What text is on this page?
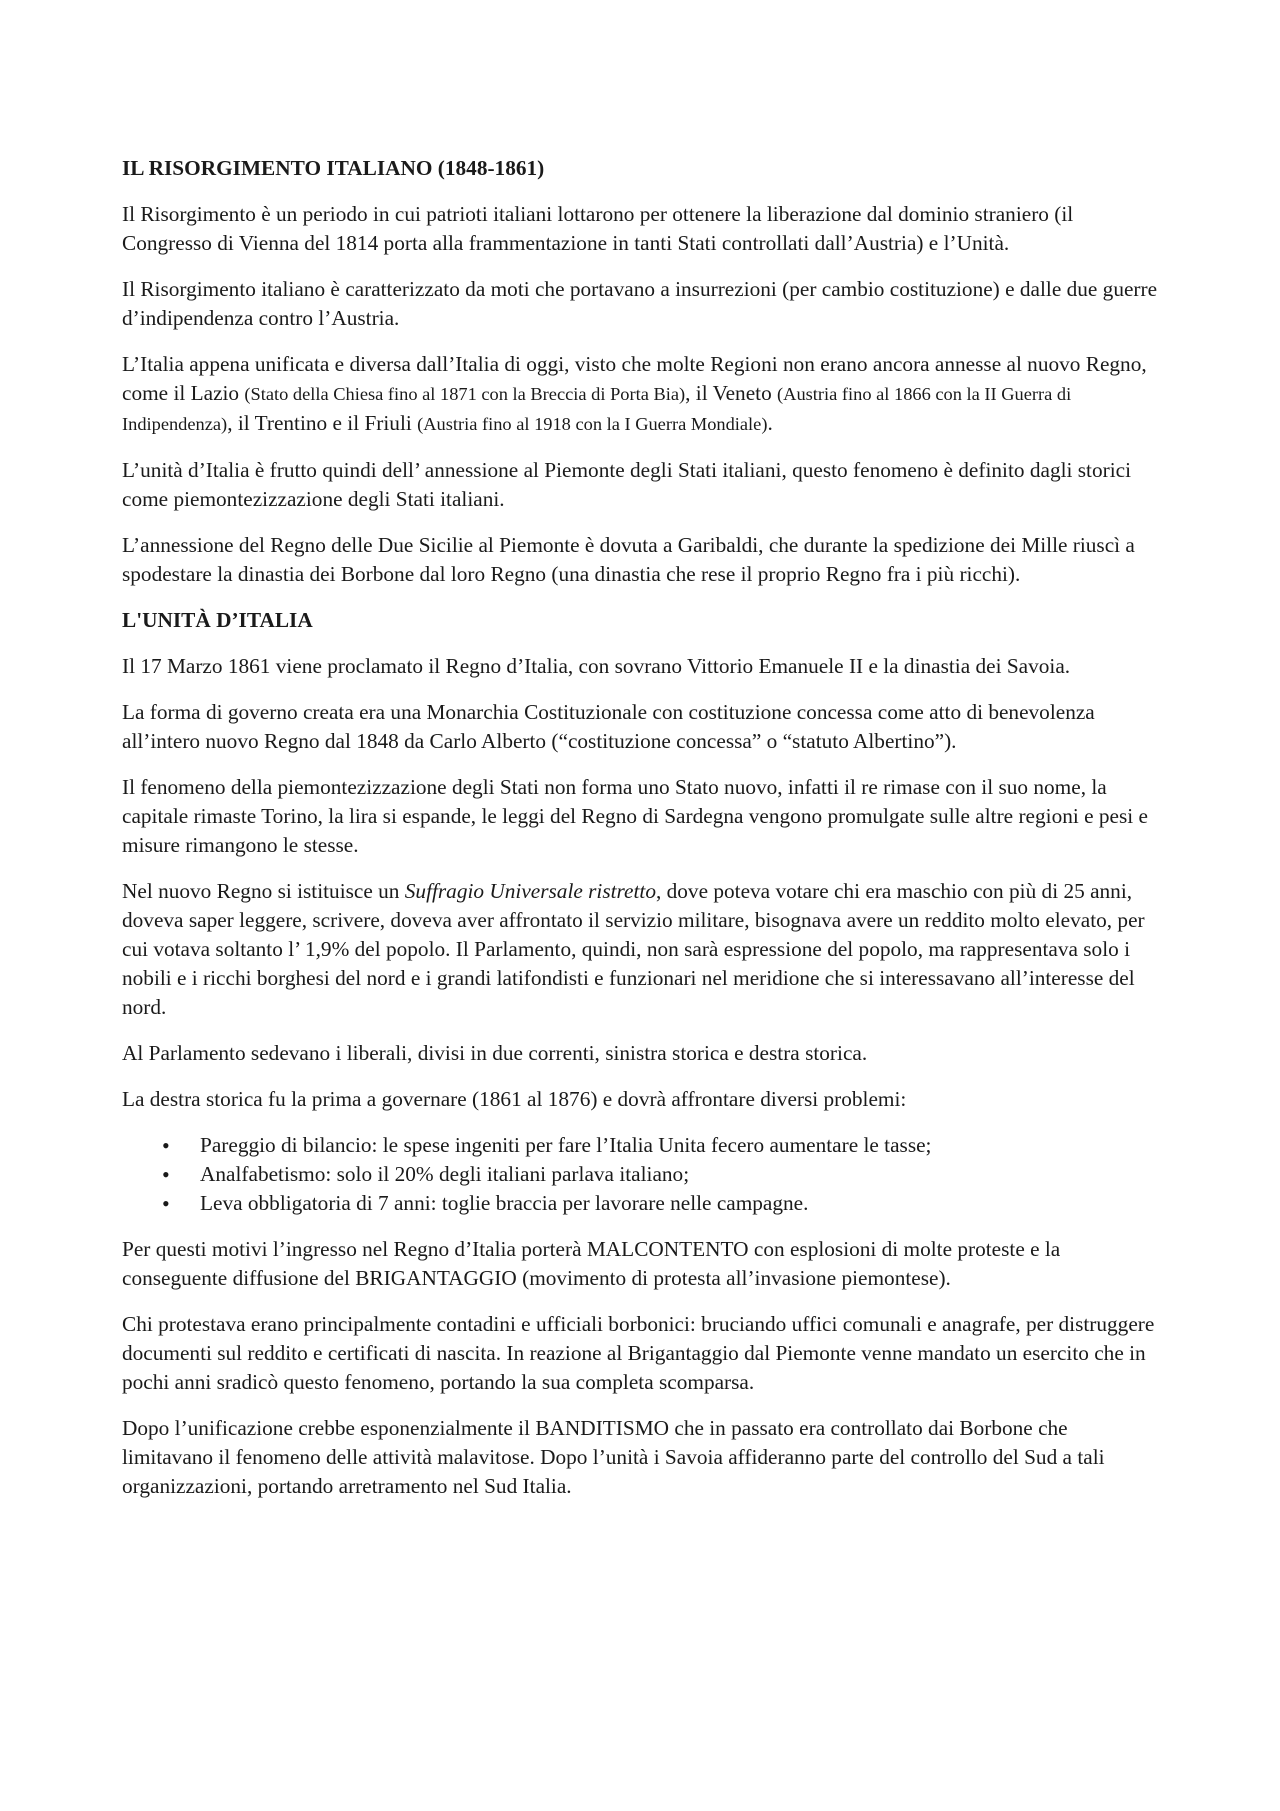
IL RISORGIMENTO ITALIANO (1848-1861)

Il Risorgimento è un periodo in cui patrioti italiani lottarono per ottenere la liberazione dal dominio straniero (il Congresso di Vienna del 1814 porta alla frammentazione in tanti Stati controllati dall’Austria) e l’Unità.

Il Risorgimento italiano è caratterizzato da moti che portavano a insurrezioni (per cambio costituzione) e dalle due guerre d’indipendenza contro l’Austria.

L’Italia appena unificata e diversa dall’Italia di oggi, visto che molte Regioni non erano ancora annesse al nuovo Regno, come il Lazio (Stato della Chiesa fino al 1871 con la Breccia di Porta Bia), il Veneto (Austria fino al 1866 con la II Guerra di Indipendenza), il Trentino e il Friuli (Austria fino al 1918 con la I Guerra Mondiale).

L’unità d’Italia è frutto quindi dell’ annessione al Piemonte degli Stati italiani, questo fenomeno è definito dagli storici come piemontezizzazione degli Stati italiani.

L’annessione del Regno delle Due Sicilie al Piemonte è dovuta a Garibaldi, che durante la spedizione dei Mille riuscì a spodestare la dinastia dei Borbone dal loro Regno (una dinastia che rese il proprio Regno fra i più ricchi).

L'UNITÀ D’ITALIA

Il 17 Marzo 1861 viene proclamato il Regno d’Italia, con sovrano Vittorio Emanuele II e la dinastia dei Savoia.

La forma di governo creata era una Monarchia Costituzionale con costituzione concessa come atto di benevolenza all’intero nuovo Regno dal 1848 da Carlo Alberto (“costituzione concessa” o “statuto Albertino”).

Il fenomeno della piemontezizzazione degli Stati non forma uno Stato nuovo, infatti il re rimase con il suo nome, la capitale rimaste Torino, la lira si espande, le leggi del Regno di Sardegna vengono promulgate sulle altre regioni e pesi e misure rimangono le stesse.

Nel nuovo Regno si istituisce un Suffragio Universale ristretto, dove poteva votare chi era maschio con più di 25 anni, doveva saper leggere, scrivere, doveva aver affrontato il servizio militare, bisognava avere un reddito molto elevato, per cui votava soltanto l’ 1,9% del popolo. Il Parlamento, quindi, non sarà espressione del popolo, ma rappresentava solo i nobili e i ricchi borghesi del nord e i grandi latifondisti e funzionari nel meridione che si interessavano all’interesse del nord.

Al Parlamento sedevano i liberali, divisi in due correnti, sinistra storica e destra storica.

La destra storica fu la prima a governare (1861 al 1876) e dovrà affrontare diversi problemi:

• Pareggio di bilancio: le spese ingeniti per fare l’Italia Unita fecero aumentare le tasse;
• Analfabetismo: solo il 20% degli italiani parlava italiano;
• Leva obbligatoria di 7 anni: toglie braccia per lavorare nelle campagne.

Per questi motivi l’ingresso nel Regno d’Italia porterà MALCONTENTO con esplosioni di molte proteste e la conseguente diffusione del BRIGANTAGGIO (movimento di protesta all’invasione piemontese).

Chi protestava erano principalmente contadini e ufficiali borbonici: bruciando uffici comunali e anagrafe, per distruggere documenti sul reddito e certificati di nascita. In reazione al Brigantaggio dal Piemonte venne mandato un esercito che in pochi anni sradicò questo fenomeno, portando la sua completa scomparsa.

Dopo l’unificazione crebbe esponenzialmente il BANDITISMO che in passato era controllato dai Borbone che limitavano il fenomeno delle attività malavitose. Dopo l’unità i Savoia affideranno parte del controllo del Sud a tali organizzazioni, portando arretramento nel Sud Italia.
